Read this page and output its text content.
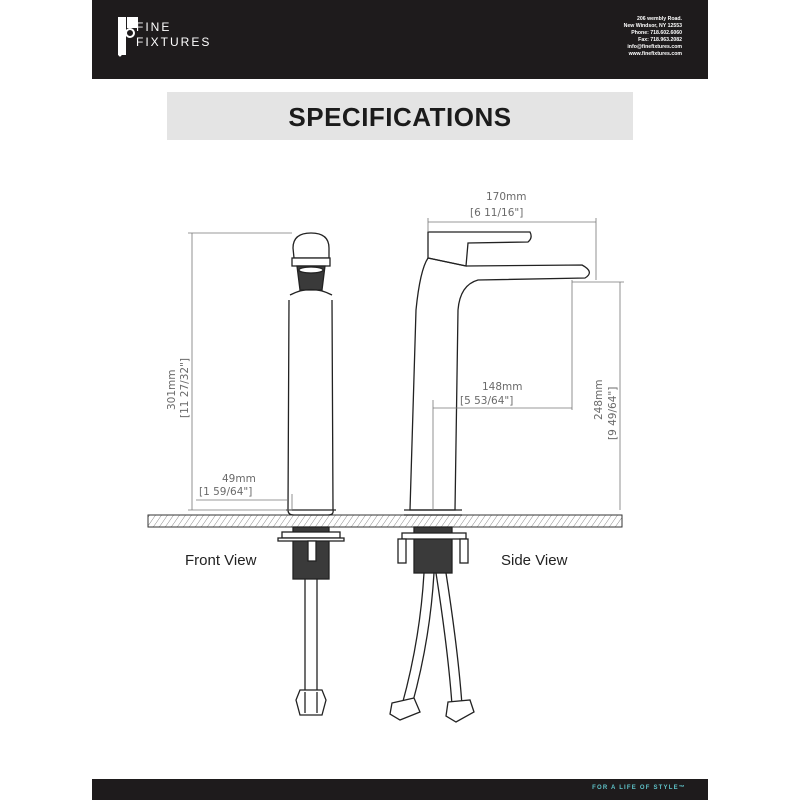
FINE
FIXTURES
206 wembly Road.
New Windsor, NY 12553
Phone: 718.602.6060
Fax: 718.963.2082
info@finefixtures.com
www.finefixtures.com
SPECIFICATIONS
301mm [11 27/32"]
49mm
[1 59/64"]
170mm
[6 11/16"]
148mm
[5 53/64"]	248mm [9 49/64"]
Front View	Side View
FOR A LIFE OF STYLE™
